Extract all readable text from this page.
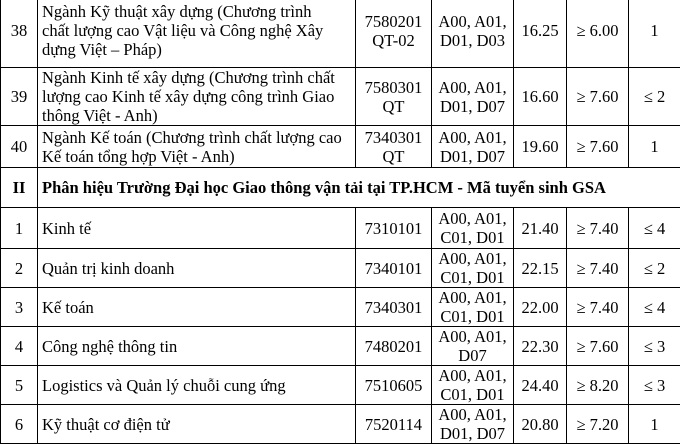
38	Ngành Kỹ thuật xây dựng (Chương trình
chất lượng cao Vật liệu và Công nghệ Xây
dựng Việt – Pháp)	7580201
QT-02	A00, A01,
D01, D03	16.25	≥ 6.00	1
39	Ngành Kinh tế xây dựng (Chương trình chất
lượng cao Kinh tế xây dựng công trình Giao
thông Việt - Anh)	7580301
QT	A00, A01,
D01, D07	16.60	≥ 7.60	≤ 2
40	Ngành Kế toán (Chương trình chất lượng cao
Kế toán tổng hợp Việt - Anh)	7340301
QT	A00, A01,
D01, D07	19.60	≥ 7.60	1
II	Phân hiệu Trường Đại học Giao thông vận tải tại TP.HCM - Mã tuyển sinh GSA					
1	Kinh tế	7310101	A00, A01,
C01, D01	21.40	≥ 7.40	≤ 4
2	Quản trị kinh doanh	7340101	A00, A01,
C01, D01	22.15	≥ 7.40	≤ 2
3	Kế toán	7340301	A00, A01,
C01, D01	22.00	≥ 7.40	≤ 4
4	Công nghệ thông tin	7480201	A00, A01,
D07	22.30	≥ 7.60	≤ 3
5	Logistics và Quản lý chuỗi cung ứng	7510605	A00, A01,
C01, D01	24.40	≥ 8.20	≤ 3
6	Kỹ thuật cơ điện tử	7520114	A00, A01,
D01, D07	20.80	≥ 7.20	1
